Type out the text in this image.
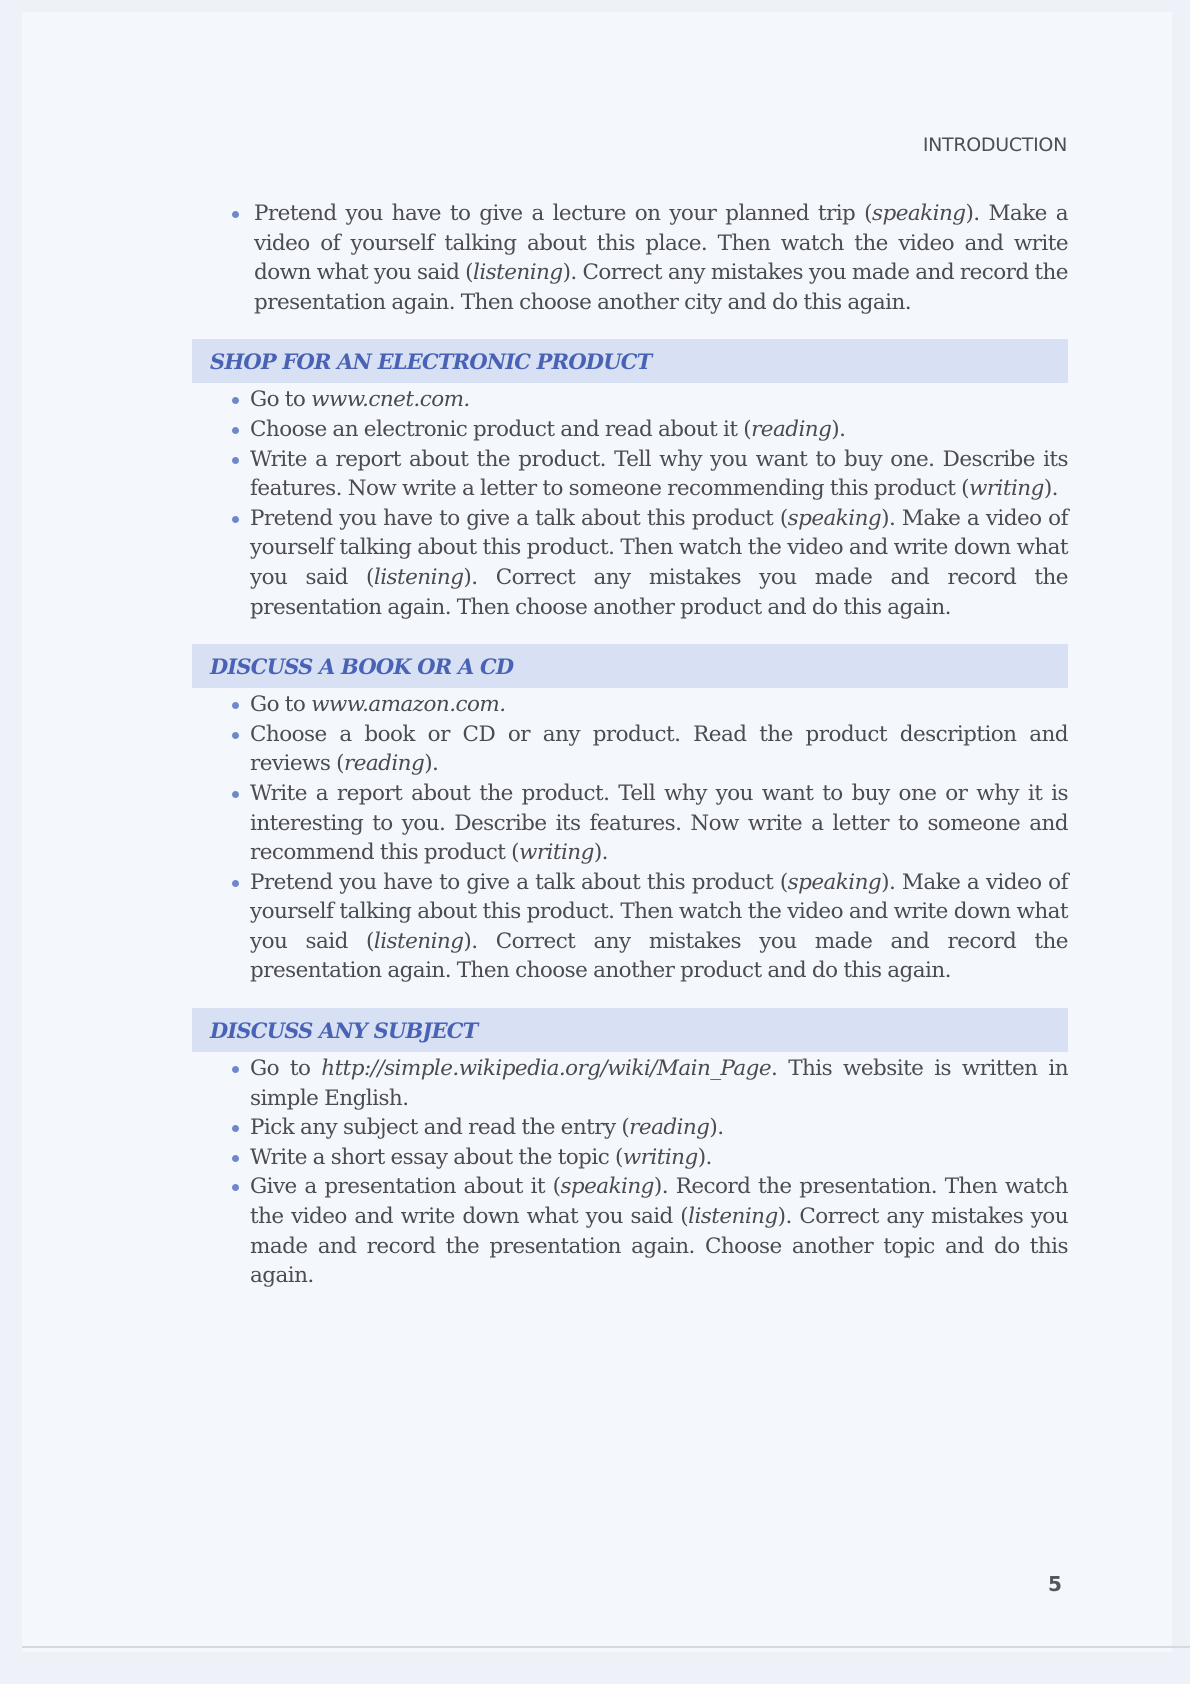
INTRODUCTION
Pretend you have to give a lecture on your planned trip (speaking). Make a video of yourself talking about this place. Then watch the video and write down what you said (listening). Correct any mistakes you made and record the presentation again. Then choose another city and do this again.
SHOP FOR AN ELECTRONIC PRODUCT
Go to www.cnet.com.
Choose an electronic product and read about it (reading).
Write a report about the product. Tell why you want to buy one. Describe its features. Now write a letter to someone recommending this product (writing).
Pretend you have to give a talk about this product (speaking). Make a video of yourself talking about this product. Then watch the video and write down what you said (listening). Correct any mistakes you made and record the presentation again. Then choose another product and do this again.
DISCUSS A BOOK OR A CD
Go to www.amazon.com.
Choose a book or CD or any product. Read the product description and reviews (reading).
Write a report about the product. Tell why you want to buy one or why it is interesting to you. Describe its features. Now write a letter to someone and recommend this product (writing).
Pretend you have to give a talk about this product (speaking). Make a video of yourself talking about this product. Then watch the video and write down what you said (listening). Correct any mistakes you made and record the presentation again. Then choose another product and do this again.
DISCUSS ANY SUBJECT
Go to http://simple.wikipedia.org/wiki/Main_Page. This website is written in simple English.
Pick any subject and read the entry (reading).
Write a short essay about the topic (writing).
Give a presentation about it (speaking). Record the presentation. Then watch the video and write down what you said (listening). Correct any mistakes you made and record the presentation again. Choose another topic and do this again.
5
